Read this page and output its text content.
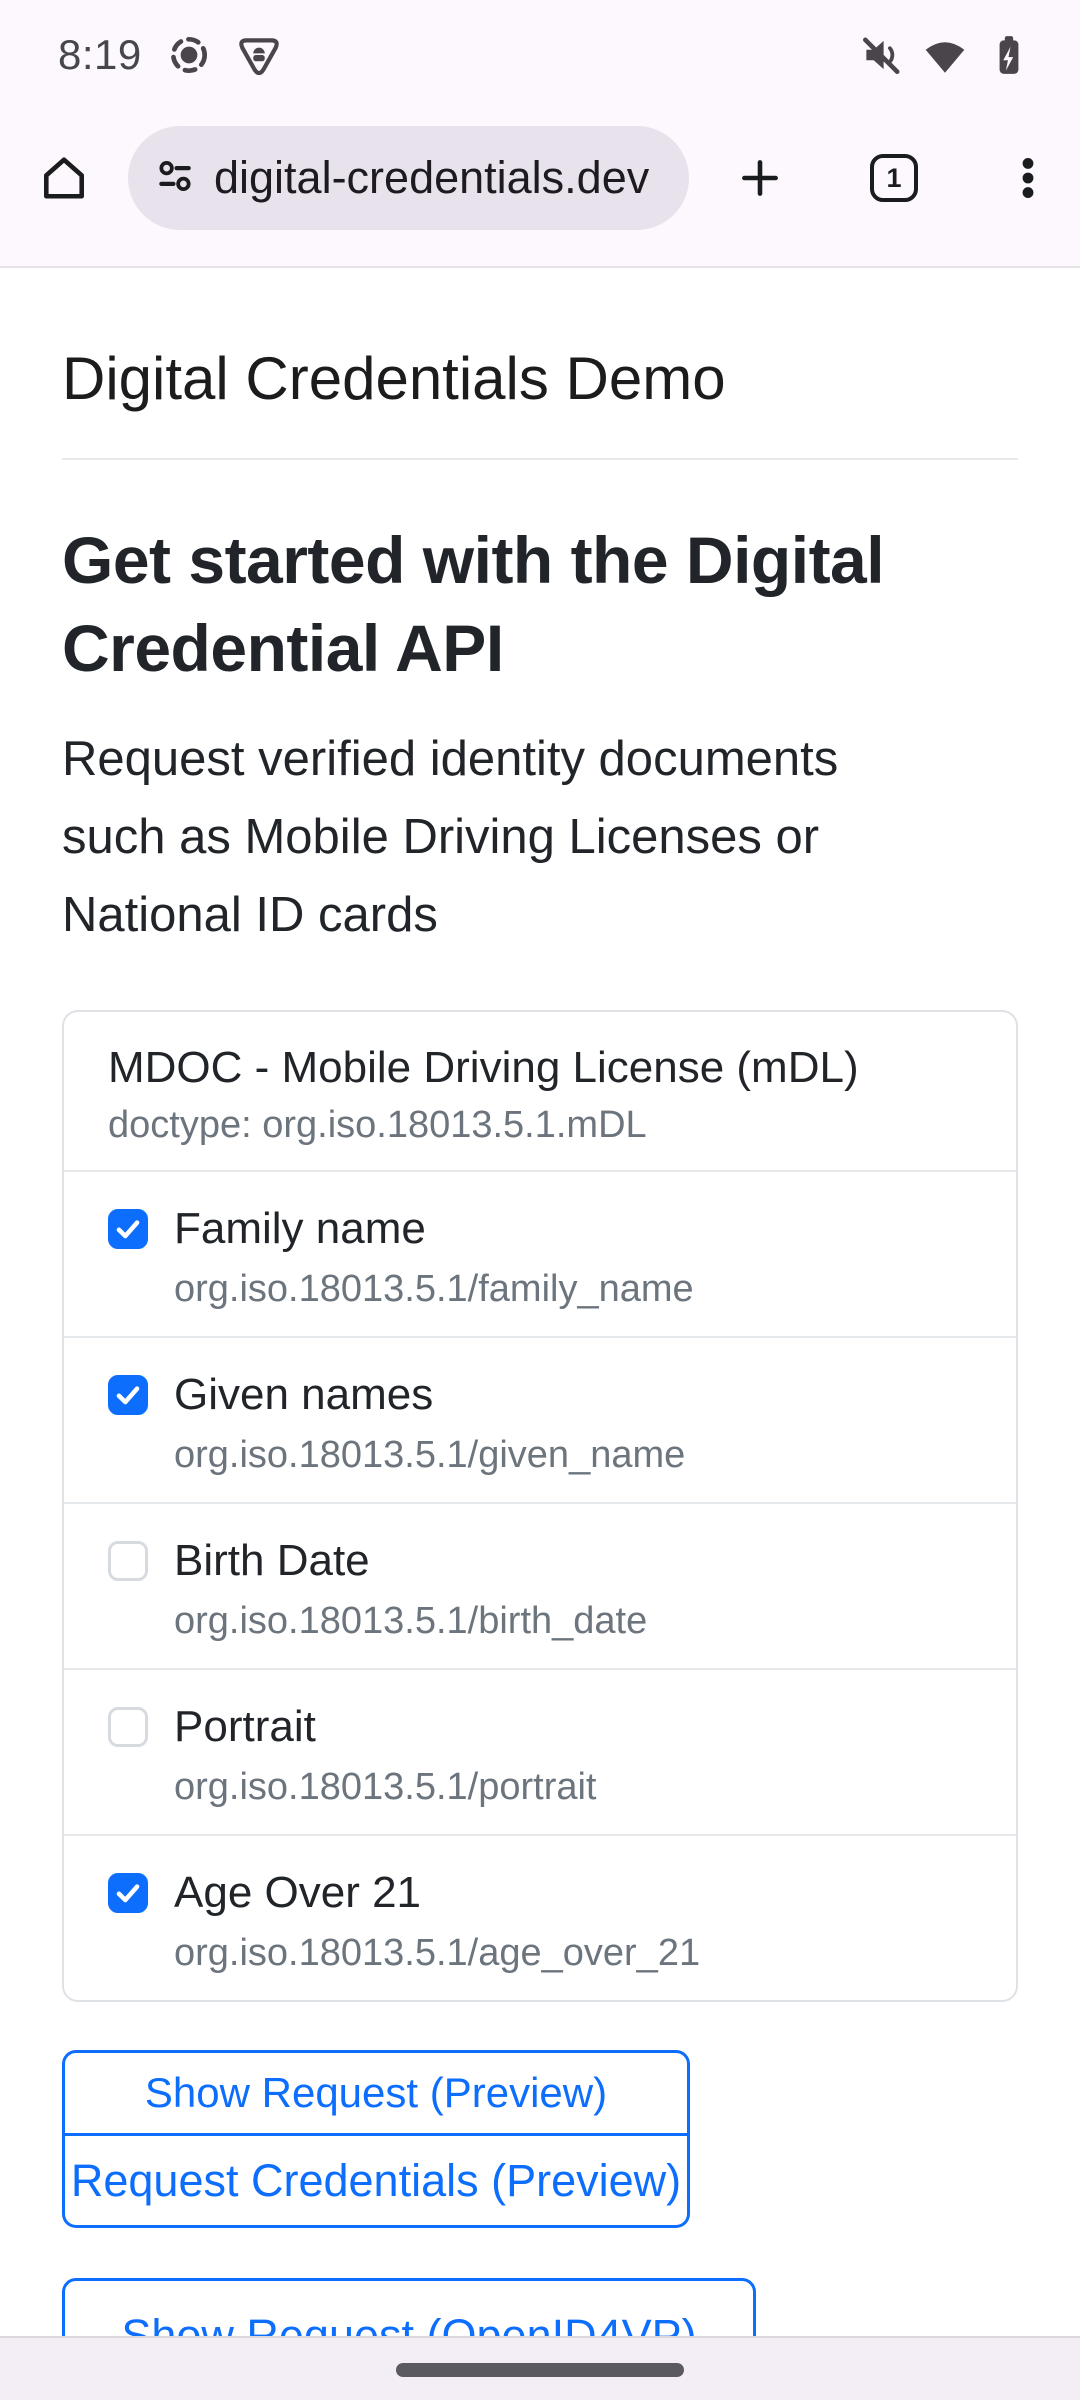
8:19
digital-credentials.dev	1
Digital Credentials Demo
Get started with the Digital
Credential API
Request verified identity documents
such as Mobile Driving Licenses or
National ID cards
MDOC - Mobile Driving License (mDL)
doctype: org.iso.18013.5.1.mDL
Family name
org.iso.18013.5.1/family_name
Given names
org.iso.18013.5.1/given_name
Birth Date
org.iso.18013.5.1/birth_date
Portrait
org.iso.18013.5.1/portrait
Age Over 21
org.iso.18013.5.1/age_over_21
Show Request (Preview)
Request Credentials (Preview)
